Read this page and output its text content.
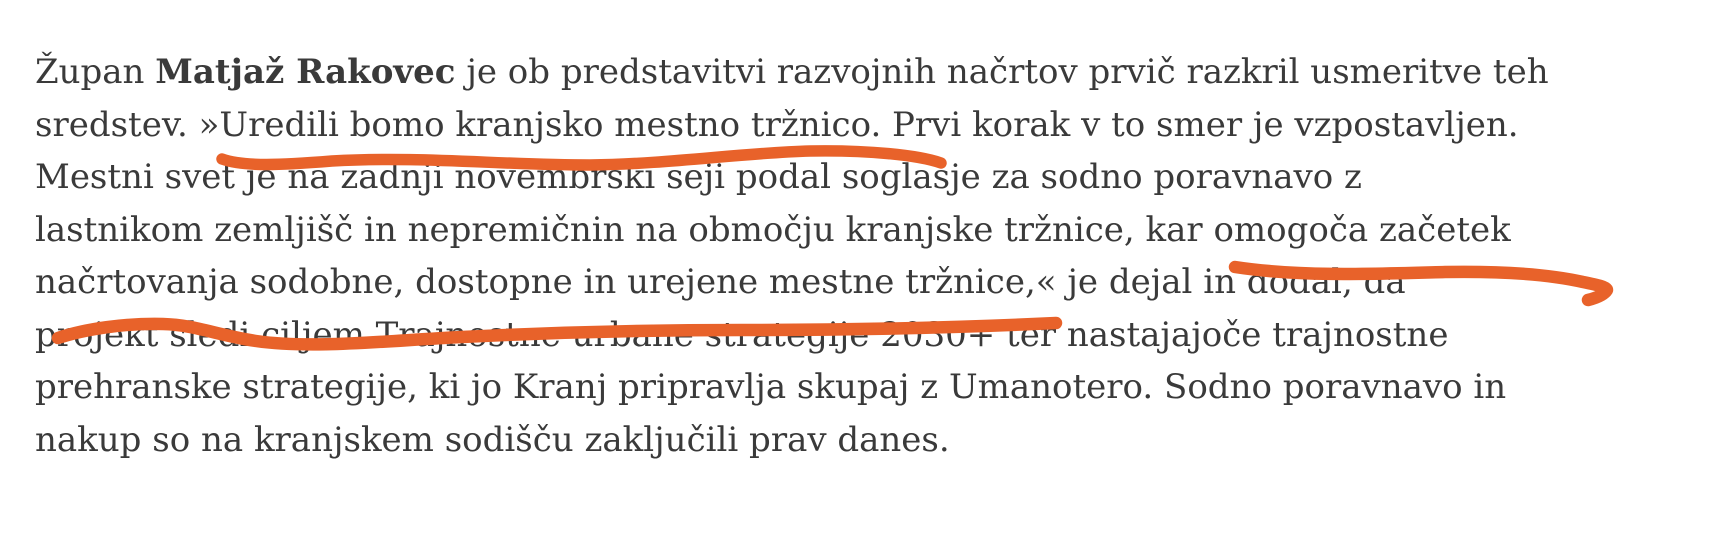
Župan Matjaž Rakovec je ob predstavitvi razvojnih načrtov prvič razkril usmeritve teh
sredstev. »Uredili bomo kranjsko mestno tržnico. Prvi korak v to smer je vzpostavljen.
Mestni svet je na zadnji novembrski seji podal soglasje za sodno poravnavo z
lastnikom zemljišč in nepremičnin na območju kranjske tržnice, kar omogoča začetek
načrtovanja sodobne, dostopne in urejene mestne tržnice,« je dejal in dodal, da
projekt sledi ciljem Trajnostne urbane strategije 2030+ ter nastajajoče trajnostne
prehranske strategije, ki jo Kranj pripravlja skupaj z Umanotero. Sodno poravnavo in
nakup so na kranjskem sodišču zaključili prav danes.
